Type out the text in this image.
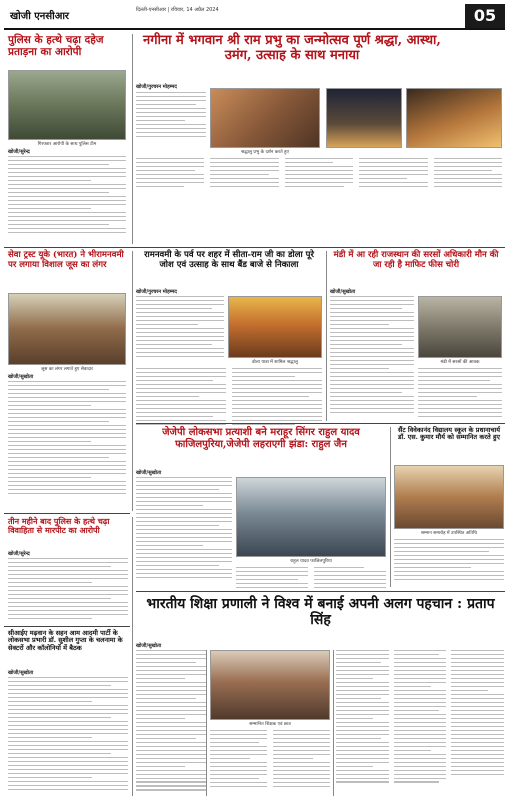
खोजी एनसीआर
दिल्ली-एनसीआर | रविवार, 14 अप्रैल 2024	05
पुलिस के हत्थे चढ़ा दहेज प्रताड़ना का आरोपी
गिरफ्तार आरोपी के साथ पुलिस टीम
खोजी/सुरेन्द्र
नगीना में भगवान श्री राम प्रभु का जन्मोत्सव पूर्ण श्रद्धा, आस्था, उमंग, उत्साह के साथ मनाया
खोजी/गुरचरन मोहम्मद
श्रद्धालु प्रभु के दर्शन करते हुए
सेवा ट्रस्ट यूके (भारत) ने भीरामनवमी पर लगाया विशाल जूस का लंगर
जूस का लंगर लगाते हुए सेवादार
खोजी/सुखोता
रामनवमी के पर्व पर शहर में सीता-राम जी का डोला पूरे जोश एवं उत्साह के साथ बैंड बाजे से निकाला
खोजी/गुरचरन मोहम्मद
डोला यात्रा में शामिल श्रद्धालु
मंडी में आ रही राजस्थान की सरसों अधिकारी मौन की जा रही है माफिट फीस चोरी
खोजी/सुखोता
मंडी में सरसों की आवक
जेजेपी लोकसभा प्रत्याशी बने मराहूर सिंगर राहुल यादव फाजिलपुरिया,जेजेपी लहराएगी झंडा: राहुल जैन
खोजी/सुखोता
राहुल यादव फाजिलपुरिया
सैंट विवेकानंद विद्यालय स्कूल के प्रधानाचार्य डॉ. एस. कुमार मौर्य को सम्मानित करते हुए
सम्मान समारोह में उपस्थित अतिथि
तीन महीने बाद पुलिस के हत्थे चढ़ा विवाहिता से मारपीट का आरोपी
खोजी/सुरेन्द्र
सीआईए मढ़वान के सहन आम आदमी पार्टी के लोकसभा प्रभारी डॉ. सुशील गुप्ता के चलनामा के सेक्टरों और कॉलोनियों में बैठक
खोजी/सुखोता
भारतीय शिक्षा प्रणाली ने विश्व में बनाई अपनी अलग पहचान : प्रताप सिंह
खोजी/सुखोता
सम्मानित शिक्षक एवं छात्र
